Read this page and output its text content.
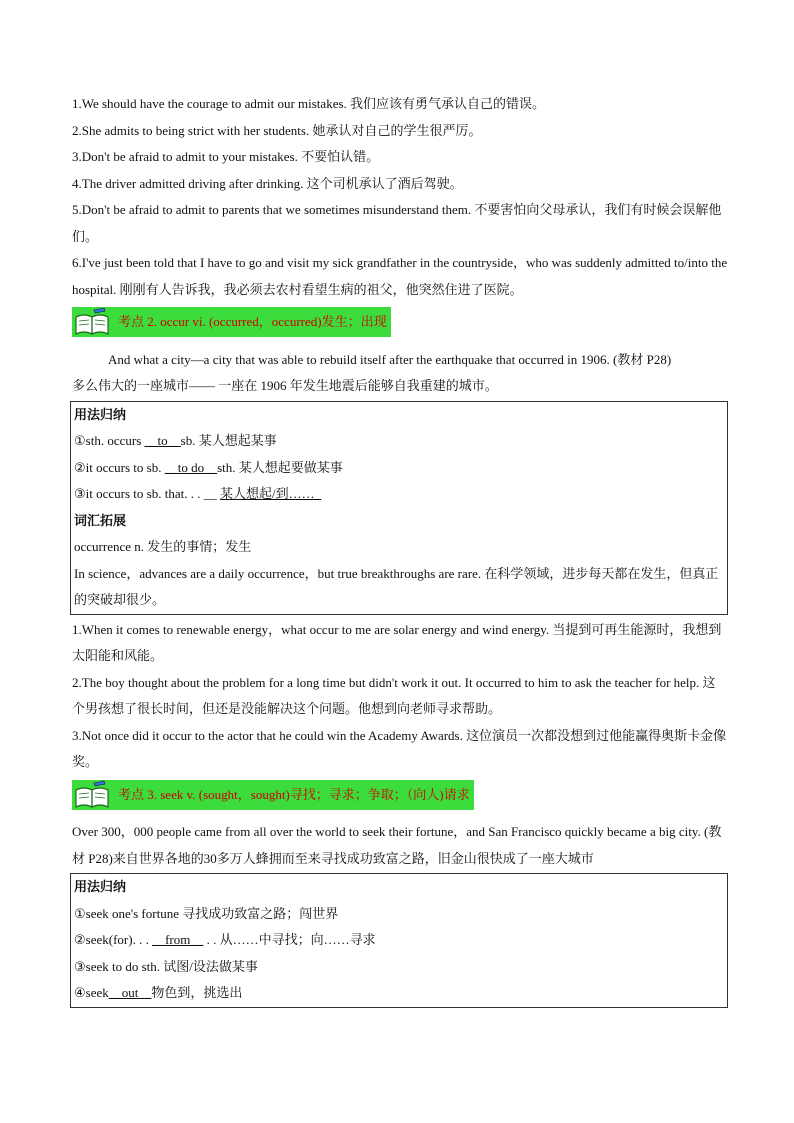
1.We should have the courage to admit our mistakes. 我们应该有勇气承认自己的错误。
2.She admits to being strict with her students. 她承认对自己的学生很严厉。
3.Don't be afraid to admit to your mistakes. 不要怕认错。
4.The driver admitted driving after drinking. 这个司机承认了酒后驾驶。
5.Don't be afraid to admit to parents that we sometimes misunderstand them. 不要害怕向父母承认，我们有时候会误解他们。
6.I've just been told that I have to go and visit my sick grandfather in the countryside，who was suddenly admitted to/into the hospital. 刚刚有人告诉我，我必须去农村看望生病的祖父，他突然住进了医院。
考点 2. occur vi. (occurred，occurred)发生；出现
And what a city—a city that was able to rebuild itself after the earthquake that occurred in 1906. (教材 P28)
多么伟大的一座城市—— 一座在 1906 年发生地震后能够自我重建的城市。
用法归纳
①sth. occurs __to__sb. 某人想起某事
②it occurs to sb. __to do__sth. 某人想起要做某事
③it occurs to sb. that. . . __ 某人想起/到……_
词汇拓展
occurrence n. 发生的事情；发生
In science，advances are a daily occurrence，but true breakthroughs are rare. 在科学领域，进步每天都在发生，但真正的突破却很少。
1.When it comes to renewable energy，what occur to me are solar energy and wind energy. 当提到可再生能源时，我想到太阳能和风能。
2.The boy thought about the problem for a long time but didn't work it out. It occurred to him to ask the teacher for help. 这个男孩想了很长时间，但还是没能解决这个问题。他想到向老师寻求帮助。
3.Not once did it occur to the actor that he could win the Academy Awards. 这位演员一次都没想到过他能赢得奥斯卡金像奖。
考点 3. seek v. (sought，sought)寻找；寻求；争取；（向人)请求
Over 300，000 people came from all over the world to seek their fortune，and San Francisco quickly became a big city. (教材 P28)来自世界各地的30多万人蜂拥而至来寻找成功致富之路，旧金山很快成了一座大城市
用法归纳
①seek one's fortune 寻找成功致富之路；闯世界
②seek(for). . . __from__ . . 从……中寻找；向……寻求
③seek to do sth. 试图/设法做某事
④seek__out__物色到，挑选出
